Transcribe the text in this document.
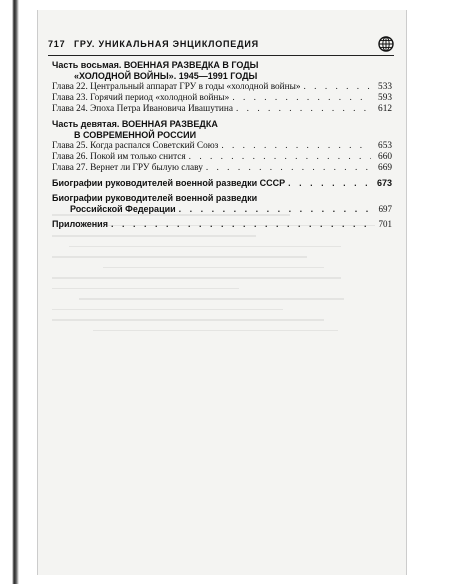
717 ГРУ. УНИКАЛЬНАЯ ЭНЦИКЛОПЕДИЯ
Часть восьмая. ВОЕННАЯ РАЗВЕДКА В ГОДЫ
«ХОЛОДНОЙ ВОЙНЫ». 1945—1991 ГОДЫ
Глава 22. Центральный аппарат ГРУ в годы «холодной войны» . . .	533
Глава 23. Горячий период «холодной войны» . . .	593
Глава 24. Эпоха Петра Ивановича Ивашутина . . .	612
Часть девятая. ВОЕННАЯ РАЗВЕДКА
В СОВРЕМЕННОЙ РОССИИ
Глава 25. Когда распался Советский Союз . . .	653
Глава 26. Покой им только снится . . .	660
Глава 27. Вернет ли ГРУ былую славу . . .	669
Биографии руководителей военной разведки СССР . . .	673
Биографии руководителей военной разведки
Российской Федерации . . .	697
Приложения . . .	701
